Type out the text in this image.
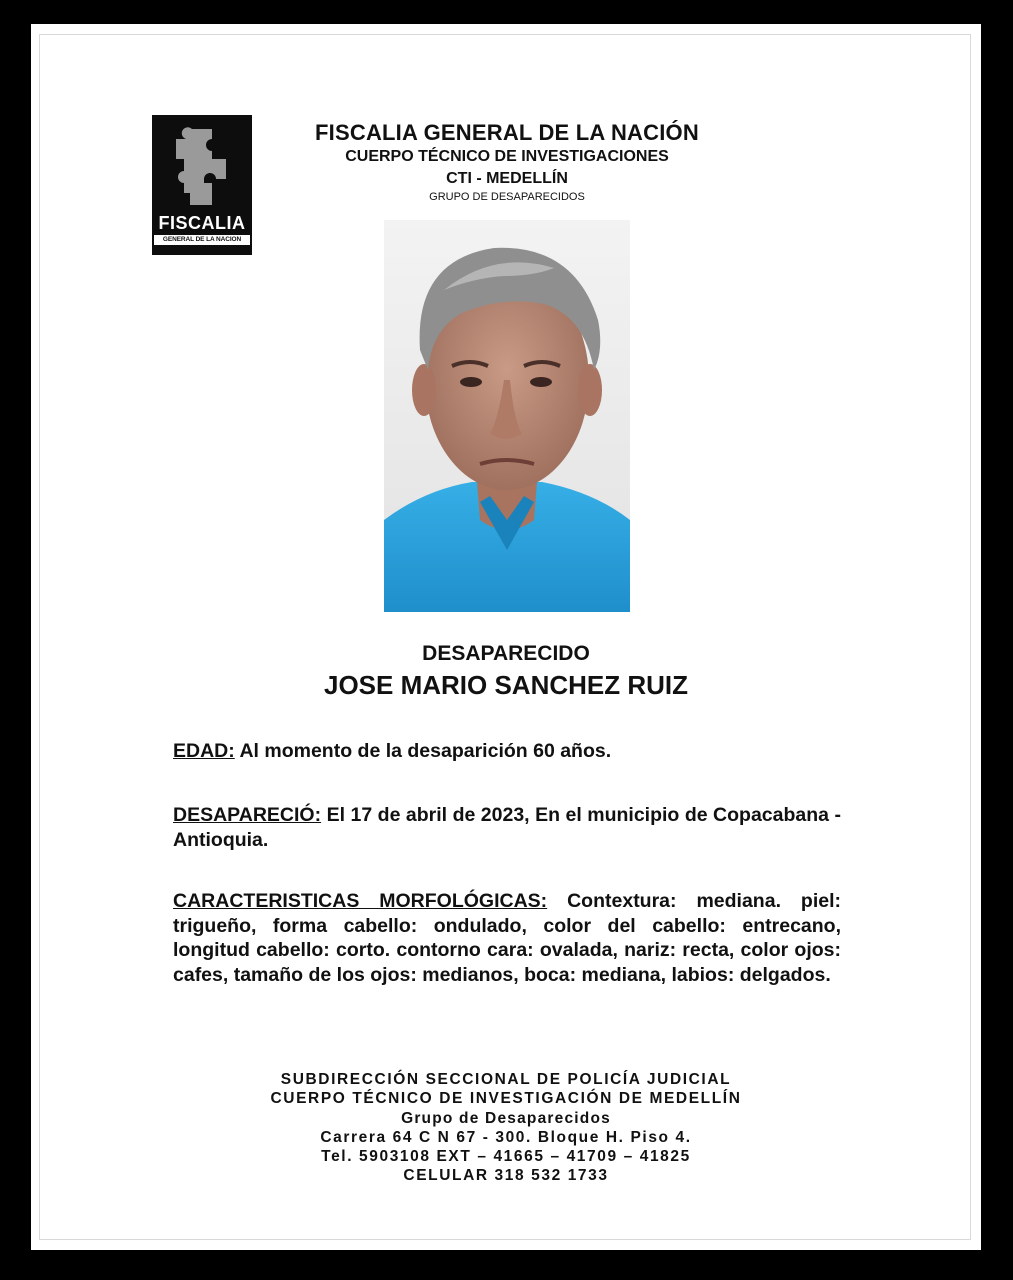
FISCALIA
GENERAL DE LA NACION
FISCALIA GENERAL DE LA NACIÓN
CUERPO TÉCNICO DE INVESTIGACIONES
CTI - MEDELLÍN
GRUPO DE DESAPARECIDOS
DESAPARECIDO
JOSE MARIO SANCHEZ RUIZ
EDAD: Al momento de la desaparición 60 años.
DESAPARECIÓ: El 17 de abril de 2023, En el municipio de Copacabana - Antioquia.
CARACTERISTICAS MORFOLÓGICAS: Contextura: mediana. piel: trigueño, forma cabello: ondulado, color del cabello: entrecano, longitud cabello: corto. contorno cara: ovalada, nariz: recta, color ojos: cafes, tamaño de los ojos: medianos, boca: mediana, labios: delgados.
SUBDIRECCIÓN SECCIONAL DE POLICÍA JUDICIAL
CUERPO TÉCNICO DE INVESTIGACIÓN DE MEDELLÍN
Grupo de Desaparecidos
Carrera 64 C N 67 - 300. Bloque H. Piso 4.
Tel. 5903108 EXT – 41665 – 41709 – 41825
CELULAR 318 532 1733
